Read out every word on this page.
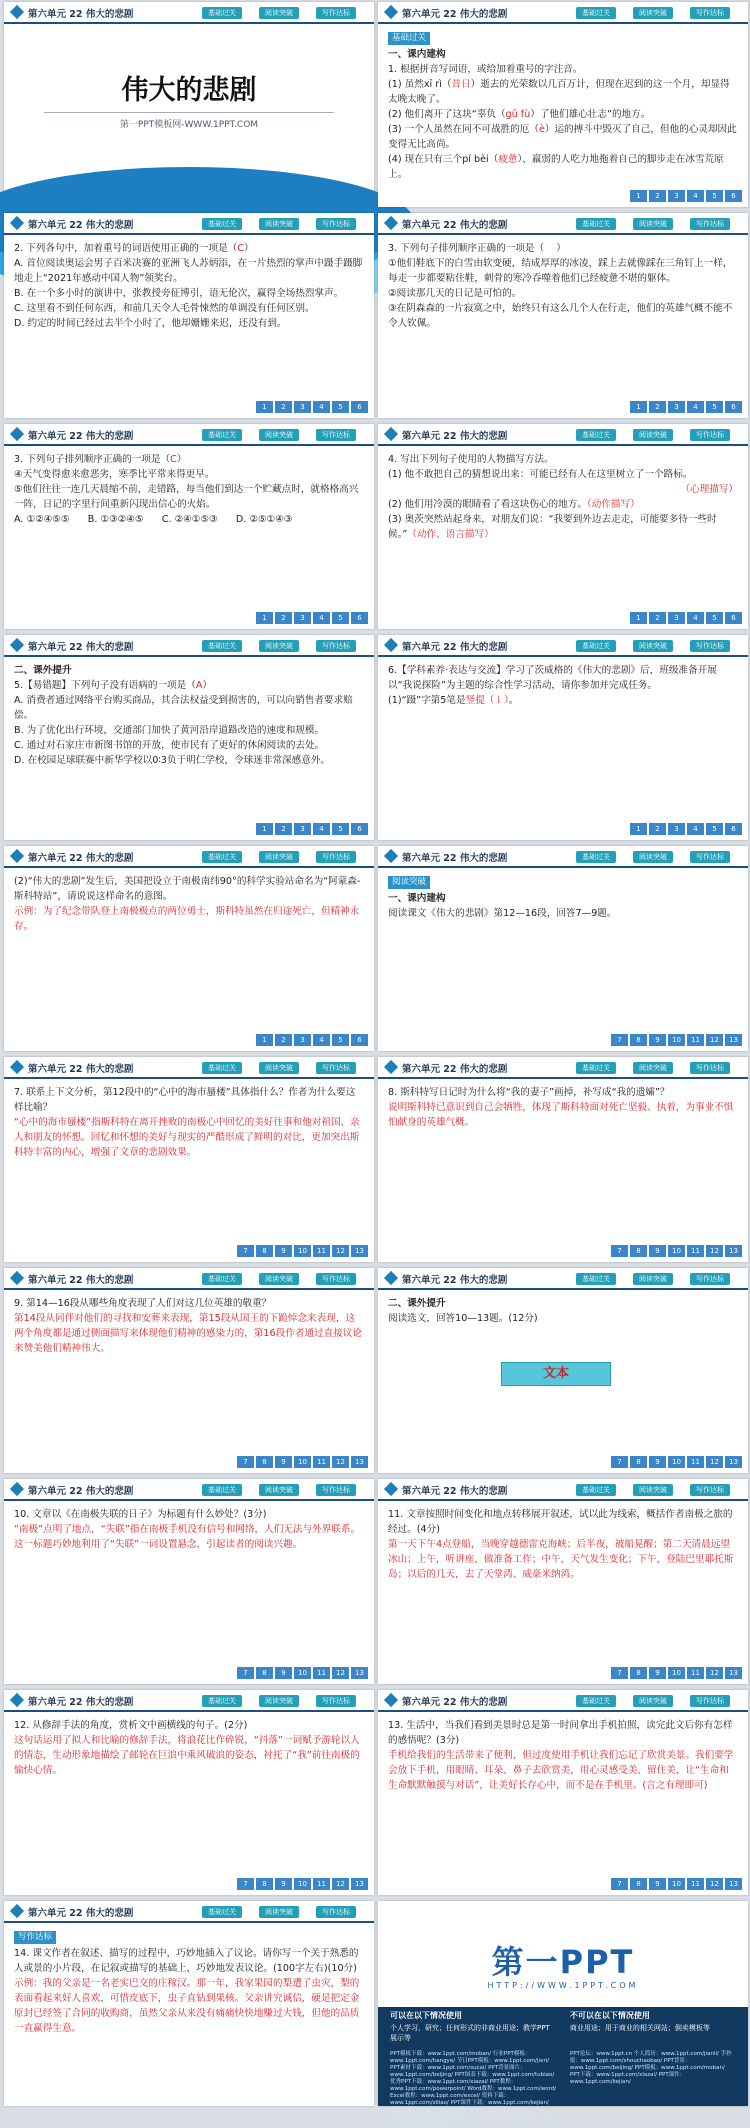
第六单元 22 伟大的悲剧	基础过关	阅读突破	写作达标
伟大的悲剧
第一PPT模板网-WWW.1PPT.COM
第六单元 22 伟大的悲剧	基础过关	阅读突破	写作达标
基础过关
一、课内建构
1. 根据拼音写词语，或给加着重号的字注音。
(1) 虽然xī rì（昔日）逝去的光荣数以几百万计，但现在迟到的这一个月，却显得太晚太晚了。
(2) 他们离开了这块“辜负（gū fù）了他们雄心壮志”的地方。
(3) 一个人虽然在同不可战胜的厄（è）运的搏斗中毁灭了自己，但他的心灵却因此变得无比高尚。
(4) 现在只有三个pí bèi（疲惫）、羸弱的人吃力地拖着自己的脚步走在冰雪荒原上。
1	2	3	4	5	6
第六单元 22 伟大的悲剧	基础过关	阅读突破	写作达标
2. 下列各句中，加着重号的词语使用正确的一项是（C）
A. 首位阅读奥运会男子百米决赛的亚洲飞人苏炳添，在一片热烈的掌声中蹑手蹑脚地走上“2021年感动中国人物”领奖台。
B. 在一个多小时的演讲中，张教授旁征博引，语无伦次，赢得全场热烈掌声。
C. 这里看不到任何东西，和前几天令人毛骨悚然的单调没有任何区别。
D. 约定的时间已经过去半个小时了，他却姗姗来迟，还没有到。
1	2	3	4	5	6
第六单元 22 伟大的悲剧	基础过关	阅读突破	写作达标
3. 下列句子排列顺序正确的一项是（    ）
①他们鞋底下的白雪由软变硬，结成厚厚的冰凌，踩上去就像踩在三角钉上一样，每走一步都要粘住鞋，刺骨的寒冷吞噬着他们已经疲惫不堪的躯体。
②阅读那几天的日记是可怕的。
③在阴森森的一片寂寞之中，始终只有这么几个人在行走，他们的英雄气概不能不令人钦佩。
1	2	3	4	5	6
第六单元 22 伟大的悲剧	基础过关	阅读突破	写作达标
3. 下列句子排列顺序正确的一项是（C）
④天气变得愈来愈恶劣，寒季比平常来得更早。
⑤他们往往一连几天晨缩不前，走错路，每当他们到达一个贮藏点时，就格格高兴一阵，日记的字里行间重新闪现出信心的火焰。
A. ①②④⑤⑤      B. ①③②④⑤      C. ②④①⑤③      D. ②⑤①④③
1	2	3	4	5	6
第六单元 22 伟大的悲剧	基础过关	阅读突破	写作达标
4. 写出下列句子使用的人物描写方法。
(1) 他不敢把自己的猜想说出来：可能已经有人在这里树立了一个路标。
（心理描写）
(2) 他们用冷漠的眼睛看了看这块伤心的地方。（动作描写）
(3) 奥茨突然站起身来，对朋友们说：“我要到外边去走走，可能要多待一些时候。”（动作、语言描写）
1	2	3	4	5	6
第六单元 22 伟大的悲剧	基础过关	阅读突破	写作达标
二、课外提升
5.【易错题】下列句子没有语病的一项是（A）
A. 消费者通过网络平台购买商品，其合法权益受到损害的，可以向销售者要求赔偿。
B. 为了优化出行环境，交通部门加快了黄河沿岸道路改造的速度和规模。
C. 通过对石家庄市新图书馆的开放，使市民有了更好的休闲阅读的去处。
D. 在校园足球联赛中新华学校以0∶3负于明仁学校，令球迷非常深感意外。
1	2	3	4	5	6
第六单元 22 伟大的悲剧	基础过关	阅读突破	写作达标
6.【学科素养·表达与交流】学习了茨威格的《伟大的悲剧》后，班级准备开展以“我说探险”为主题的综合性学习活动，请你参加并完成任务。
(1)“蹑”字第5笔是竖提（㇙）。
1	2	3	4	5	6
第六单元 22 伟大的悲剧	基础过关	阅读突破	写作达标
(2)“伟大的悲剧”发生后，美国把设立于南极南纬90°的科学实验站命名为“阿蒙森-斯科特站”，请说说这样命名的意图。
示例：为了纪念带队登上南极极点的两位勇士，斯科特虽然在归途死亡，但精神永存。
1	2	3	4	5	6
第六单元 22 伟大的悲剧	基础过关	阅读突破	写作达标
阅读突破
一、课内建构
阅读课文《伟大的悲剧》第12—16段，回答7—9题。
7	8	9	10	11	12	13
第六单元 22 伟大的悲剧	基础过关	阅读突破	写作达标
7. 联系上下文分析，第12段中的“心中的海市蜃楼”具体指什么？作者为什么要这样比喻？
“心中的海市蜃楼”指斯科特在离开挫败的南极心中回忆的美好往事和他对祖国、亲人和朋友的怀想。回忆和怀想的美好与现实的严酷形成了鲜明的对比，更加突出斯科特丰富的内心，增强了文章的悲剧效果。
7	8	9	10	11	12	13
第六单元 22 伟大的悲剧	基础过关	阅读突破	写作达标
8. 斯科特写日记时为什么将“我的妻子”画掉，补写成“我的遗孀”？
说明斯科特已意识到自己会牺牲，体现了斯科特面对死亡坚毅、执着，为事业不惧怕献身的英雄气概。
7	8	9	10	11	12	13
第六单元 22 伟大的悲剧	基础过关	阅读突破	写作达标
9. 第14—16段从哪些角度表现了人们对这几位英雄的敬重？
第14段从同伴对他们的寻找和安葬来表现，第15段从国王的下跪悼念来表现，这两个角度都是通过侧面描写来体现他们精神的感染力的，第16段作者通过直接议论来赞美他们精神伟大。
7	8	9	10	11	12	13
第六单元 22 伟大的悲剧	基础过关	阅读突破	写作达标
二、课外提升
阅读选文，回答10—13题。(12分)
文本
7	8	9	10	11	12	13
第六单元 22 伟大的悲剧	基础过关	阅读突破	写作达标
10. 文章以《在南极失联的日子》为标题有什么妙处？(3分)
“南极”点明了地点，“失联”指在南极手机没有信号和网络，人们无法与外界联系。这一标题巧妙地利用了“失联”一词设置悬念，引起读者的阅读兴趣。
7	8	9	10	11	12	13
第六单元 22 伟大的悲剧	基础过关	阅读突破	写作达标
11. 文章按照时间变化和地点转移展开叙述，试以此为线索，概括作者南极之旅的经过。(4分)
第一天下午4点登船，当晚穿越德雷克海峡；后半夜，被船晃醒；第二天清晨远望冰山；上午，听讲座，做准备工作；中午，天气发生变化；下午，登陆巴里耶托斯岛；以后的几天，去了天堂湾、威豪米纳湾。
7	8	9	10	11	12	13
第六单元 22 伟大的悲剧	基础过关	阅读突破	写作达标
12. 从修辞手法的角度，赏析文中画横线的句子。(2分)
这句话运用了拟人和比喻的修辞手法，将浪花比作碎锐，“抖落”一词赋予游轮以人的情态，生动形象地描绘了邮轮在巨浪中乘风破浪的姿态，衬托了“我”前往南极的愉快心情。
7	8	9	10	11	12	13
第六单元 22 伟大的悲剧	基础过关	阅读突破	写作达标
13. 生活中，当我们看到美景时总是第一时间拿出手机拍照，读完此文后你有怎样的感悟呢？(3分)
手机给我们的生活带来了便利，但过度使用手机让我们忘记了欣赏美景。我们要学会放下手机，用眼睛、耳朵、鼻子去欣赏美，用心灵感受美、留住美，让“生命和生命默默触摸与对话”，让美好长存心中，而不是在手机里。(言之有理即可)
7	8	9	10	11	12	13
第六单元 22 伟大的悲剧	基础过关	阅读突破	写作达标
写作达标
14. 课文作者在叙述、描写的过程中，巧妙地插入了议论。请你写一个关于熟悉的人或景的小片段，在记叙或描写的基础上，巧妙地发表议论。(100字左右)(10分)
示例：我的父亲是一名老实巴交的庄稼汉。那一年，我家果园的梨遭了虫灾，梨的表面看起来好人喜欢，可惜皮底下，虫子直钻到果核。父亲讲究诚信，硬是把定金原封已经签了合同的收购商，虽然父亲从来没有痛痛快快地赚过大钱，但他的品质一直赢得生意。
第一PPT
HTTP://WWW.1PPT.COM
可以在以下情况使用
个人学习、研究；任何形式的非商业用途；教学PPT展示等
不可以在以下情况使用
商业用途；用于商业的相关网站；倒卖模板等
PPT模板下载：www.1ppt.com/moban/ 行业PPT模板：www.1ppt.com/hangye/ 节日PPT模板：www.1ppt.com/jieri/ PPT素材下载：www.1ppt.com/sucai/ PPT背景图片：www.1ppt.com/beijing/ PPT图表下载：www.1ppt.com/tubiao/ 优秀PPT下载：www.1ppt.com/xiazai/ PPT教程：www.1ppt.com/powerpoint/ Word教程：www.1ppt.com/word/ Excel教程：www.1ppt.com/excel/ 资料下载：www.1ppt.com/ziliao/ PPT课件下载：www.1ppt.com/kejian/ 范文下载：www.1ppt.com/fanwen/ 试卷下载：www.1ppt.com/shiti/ 教案下载：www.1ppt.com/jiaoan/ 字体下载：www.1ppt.com/ziti/
PPT论坛：www.1ppt.cn 个人简历：www.1ppt.com/jianli/ 手抄报：www.1ppt.com/shouchaobao/ PPT背景：www.1ppt.com/beijing/ PPT模板：www.1ppt.com/moban/ PPT下载：www.1ppt.com/xiazai/ PPT课件：www.1ppt.com/kejian/
